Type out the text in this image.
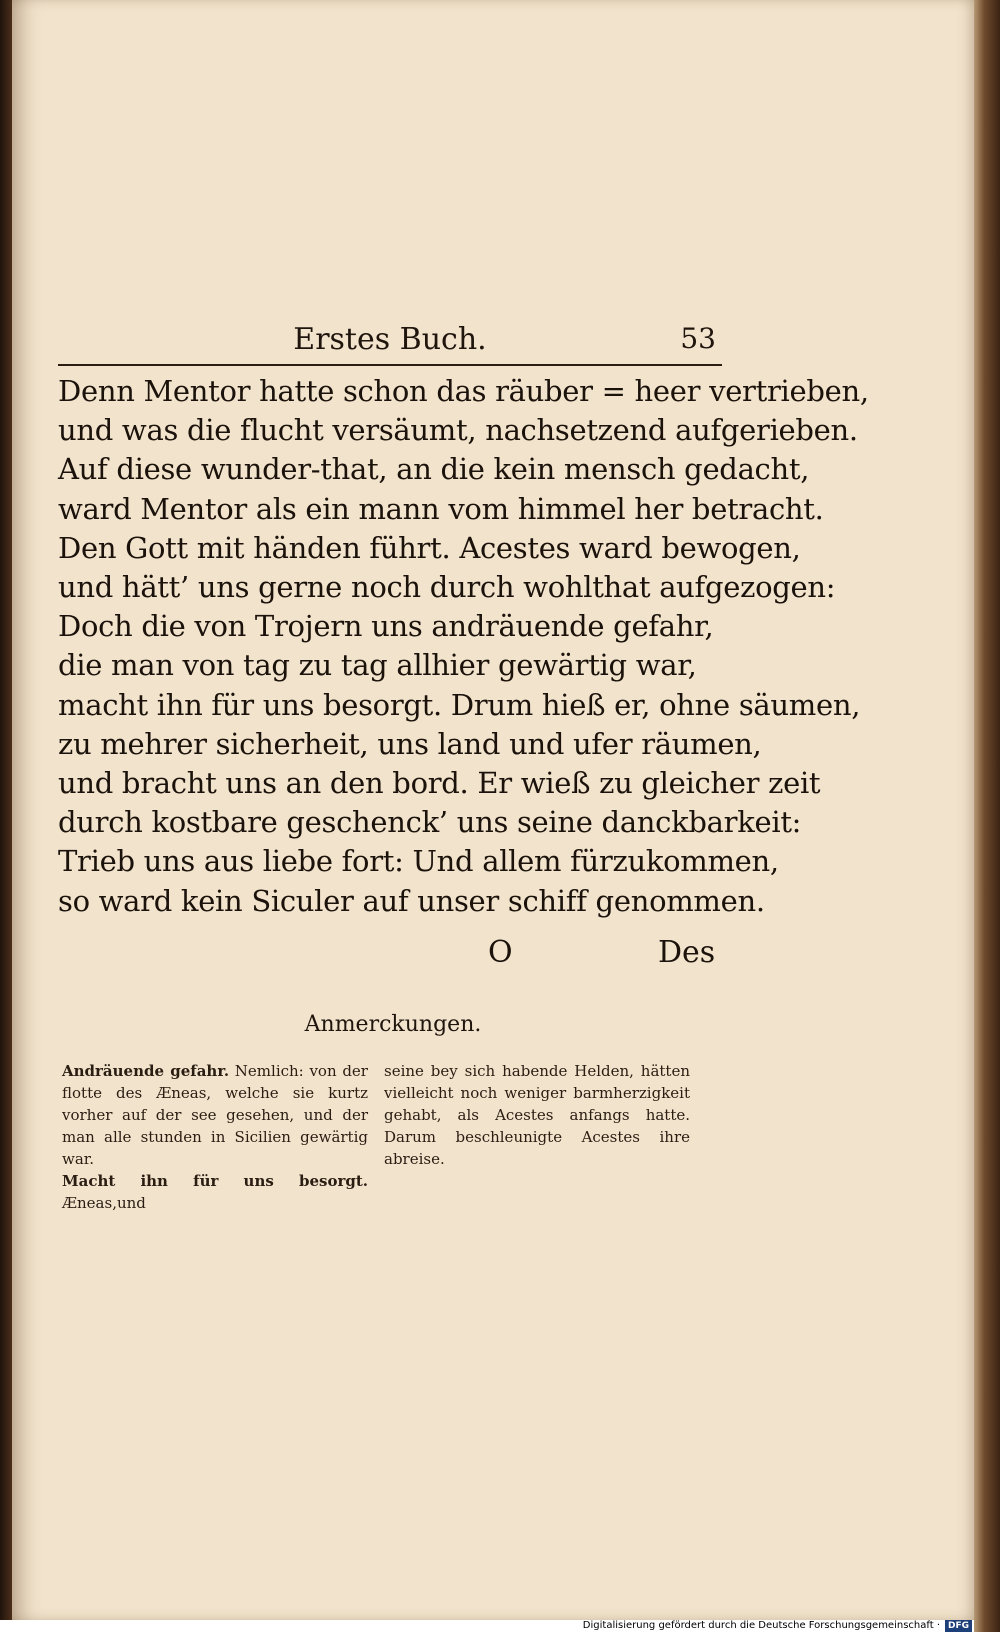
Erstes Buch.	53
Denn Mentor hatte schon das räuber = heer vertrieben,
und was die flucht versäumt, nachsetzend aufgerieben.
Auf diese wunder-that, an die kein mensch gedacht,
ward Mentor als ein mann vom himmel her betracht.
Den Gott mit händen führt. Acestes ward bewogen,
und hätt’ uns gerne noch durch wohlthat aufgezogen:
Doch die von Trojern uns andräuende gefahr,
die man von tag zu tag allhier gewärtig war,
macht ihn für uns besorgt. Drum hieß er, ohne säumen,
zu mehrer sicherheit, uns land und ufer räumen,
und bracht uns an den bord. Er wieß zu gleicher zeit
durch kostbare geschenck’ uns seine danckbarkeit:
Trieb uns aus liebe fort: Und allem fürzukommen,
so ward kein Siculer auf unser schiff genommen.
O	Des
Anmerckungen.
Andräuende gefahr. Nemlich: von der flotte des Æneas, welche sie kurtz vorher auf der see gesehen, und der man alle stunden in Sicilien gewärtig war.
Macht ihn für uns besorgt. Æneas,und
seine bey sich habende Helden, hätten vielleicht noch weniger barmherzigkeit gehabt, als Acestes anfangs hatte. Darum beschleunigte Acestes ihre abreise.
Digitalisierung gefördert durch die Deutsche Forschungsgemeinschaft · DFG
